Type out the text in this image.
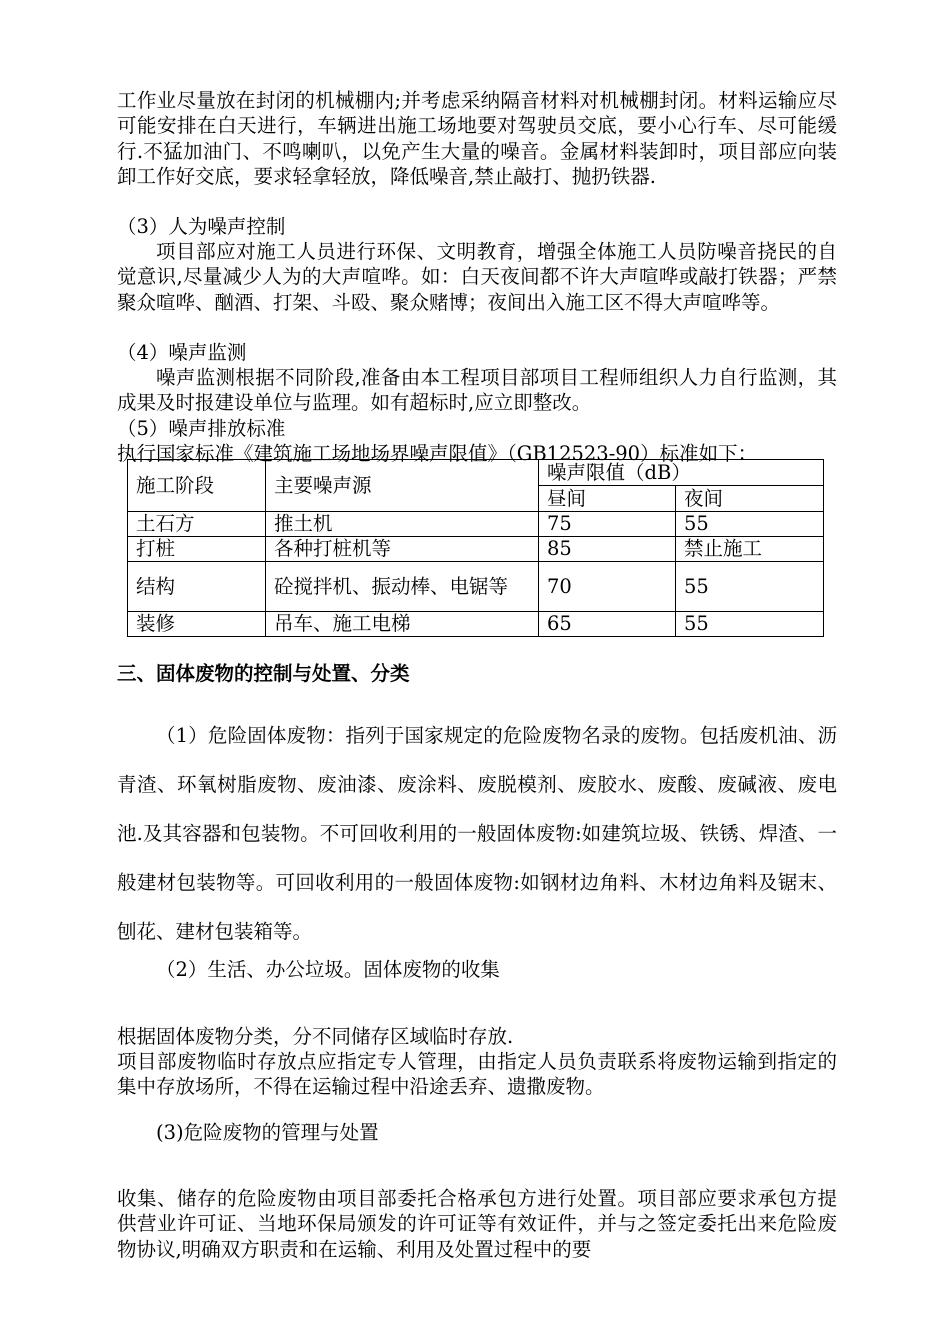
工作业尽量放在封闭的机械棚内;并考虑采纳隔音材料对机械棚封闭。材料运输应尽可能安排在白天进行，车辆进出施工场地要对驾驶员交底，要小心行车、尽可能缓行.不猛加油门、不鸣喇叭，以免产生大量的噪音。金属材料装卸时，项目部应向装卸工作好交底，要求轻拿轻放，降低噪音,禁止敲打、抛扔铁器.
（3）人为噪声控制
项目部应对施工人员进行环保、文明教育，增强全体施工人员防噪音挠民的自觉意识,尽量减少人为的大声喧哗。如：白天夜间都不许大声喧哗或敲打铁器；严禁聚众喧哗、酗酒、打架、斗殴、聚众赌博；夜间出入施工区不得大声喧哗等。
（4）噪声监测
噪声监测根据不同阶段,准备由本工程项目部项目工程师组织人力自行监测，其成果及时报建设单位与监理。如有超标时,应立即整改。
（5）噪声排放标准
执行国家标准《建筑施工场地场界噪声限值》（GB12523-90）标准如下：
施工阶段	主要噪声源	噪声限值（dB）	
		昼间	夜间
土石方	推土机	75	55
打桩	各种打桩机等	85	禁止施工
结构	砼搅拌机、振动棒、电锯等	70	55
装修	吊车、施工电梯	65	55
三、固体废物的控制与处置、分类
（1）危险固体废物：指列于国家规定的危险废物名录的废物。包括废机油、沥青渣、环氧树脂废物、废油漆、废涂料、废脱模剂、废胶水、废酸、废碱液、废电池.及其容器和包装物。不可回收利用的一般固体废物:如建筑垃圾、铁锈、焊渣、一般建材包装物等。可回收利用的一般固体废物:如钢材边角料、木材边角料及锯末、刨花、建材包装箱等。
（2）生活、办公垃圾。固体废物的收集
根据固体废物分类，分不同储存区域临时存放.
项目部废物临时存放点应指定专人管理，由指定人员负责联系将废物运输到指定的集中存放场所，不得在运输过程中沿途丢弃、遗撒废物。
(3)危险废物的管理与处置
收集、储存的危险废物由项目部委托合格承包方进行处置。项目部应要求承包方提供营业许可证、当地环保局颁发的许可证等有效证件，并与之签定委托出来危险废物协议,明确双方职责和在运输、利用及处置过程中的要
